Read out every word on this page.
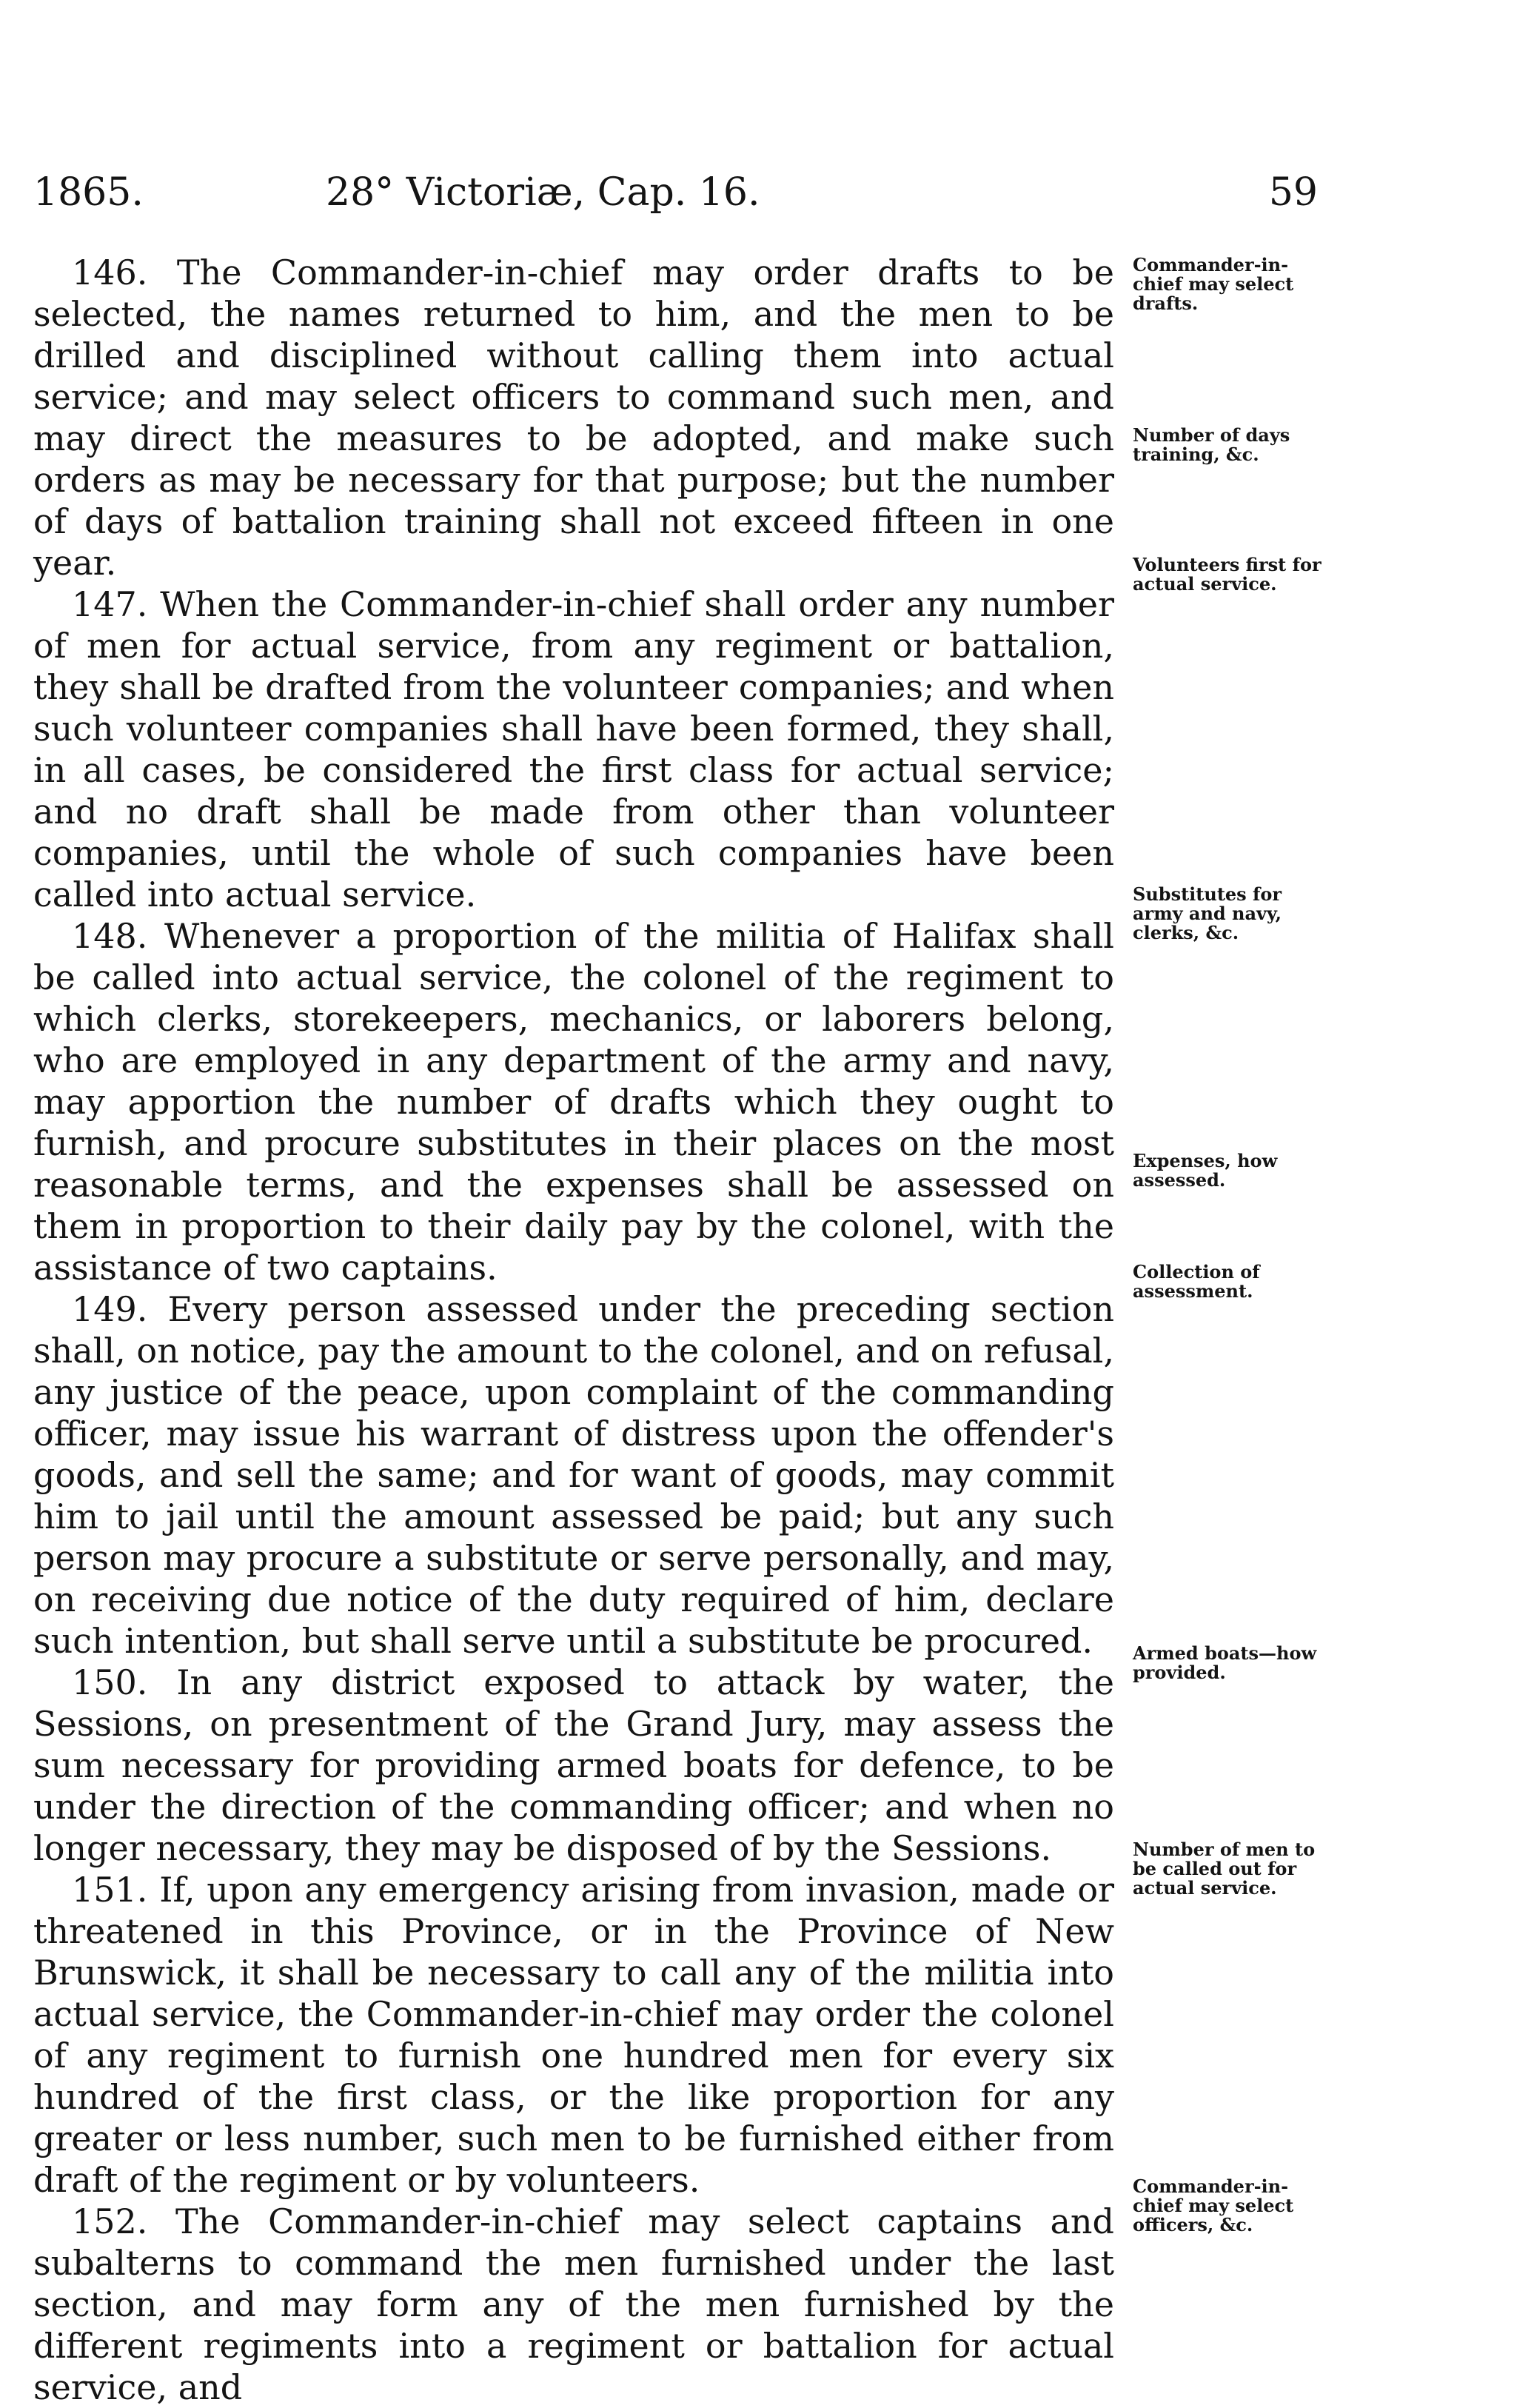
1865.	28° Victoriæ, Cap. 16.	59

146. The Commander-in-chief may order drafts to be selected, the names returned to him, and the men to be drilled and disciplined without calling them into actual service; and may select officers to command such men, and may direct the measures to be adopted, and make such orders as may be necessary for that purpose; but the number of days of battalion training shall not exceed fifteen in one year.

147. When the Commander-in-chief shall order any number of men for actual service, from any regiment or battalion, they shall be drafted from the volunteer companies; and when such volunteer companies shall have been formed, they shall, in all cases, be considered the first class for actual service; and no draft shall be made from other than volunteer companies, until the whole of such companies have been called into actual service.

148. Whenever a proportion of the militia of Halifax shall be called into actual service, the colonel of the regiment to which clerks, storekeepers, mechanics, or laborers belong, who are employed in any department of the army and navy, may apportion the number of drafts which they ought to furnish, and procure substitutes in their places on the most reasonable terms, and the expenses shall be assessed on them in proportion to their daily pay by the colonel, with the assistance of two captains.

149. Every person assessed under the preceding section shall, on notice, pay the amount to the colonel, and on refusal, any justice of the peace, upon complaint of the commanding officer, may issue his warrant of distress upon the offender's goods, and sell the same; and for want of goods, may commit him to jail until the amount assessed be paid; but any such person may procure a substitute or serve personally, and may, on receiving due notice of the duty required of him, declare such intention, but shall serve until a substitute be procured.

150. In any district exposed to attack by water, the Sessions, on presentment of the Grand Jury, may assess the sum necessary for providing armed boats for defence, to be under the direction of the commanding officer; and when no longer necessary, they may be disposed of by the Sessions.

151. If, upon any emergency arising from invasion, made or threatened in this Province, or in the Province of New Brunswick, it shall be necessary to call any of the militia into actual service, the Commander-in-chief may order the colonel of any regiment to furnish one hundred men for every six hundred of the first class, or the like proportion for any greater or less number, such men to be furnished either from draft of the regiment or by volunteers.

152. The Commander-in-chief may select captains and subalterns to command the men furnished under the last section, and may form any of the men furnished by the different regiments into a regiment or battalion for actual service, and

Commander-in-chief may select drafts.
Number of days training, &c.
Volunteers first for actual service.
Substitutes for army and navy, clerks, &c.
Expenses, how assessed.
Collection of assessment.
Armed boats—how provided.
Number of men to be called out for actual service.
Commander-in-chief may select officers, &c.
